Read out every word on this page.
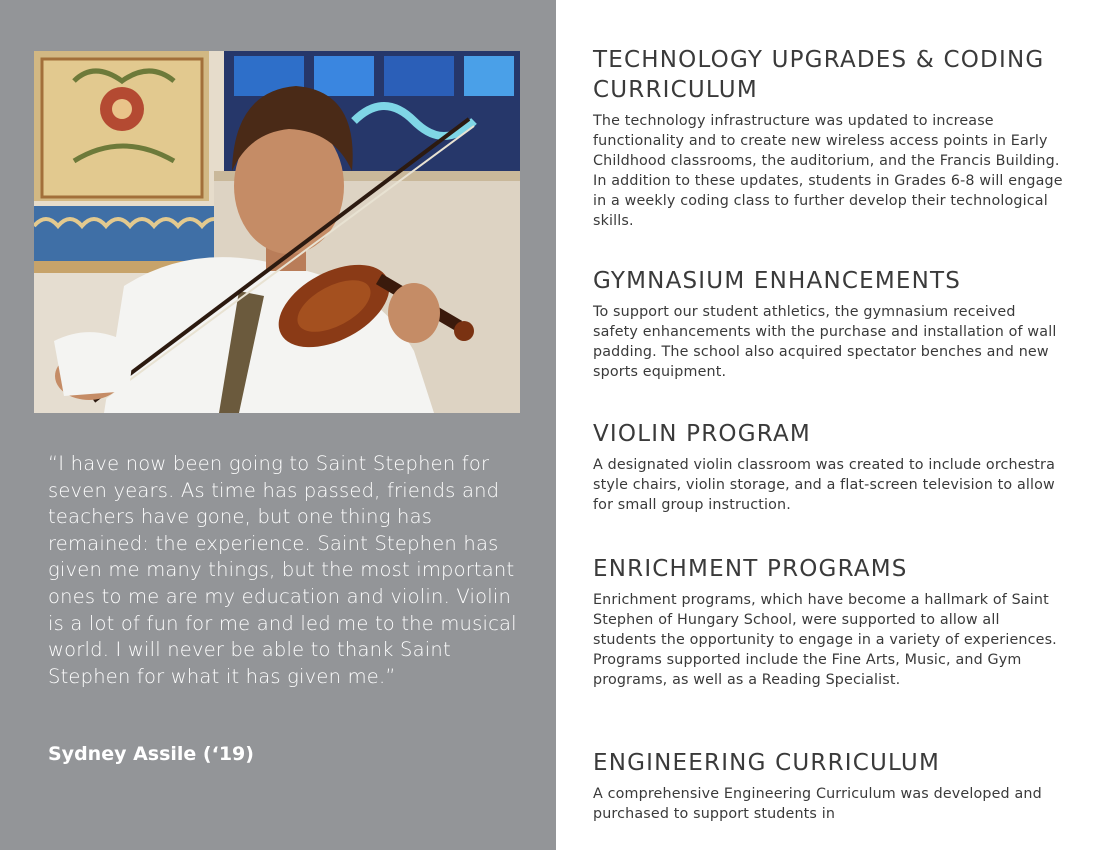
“I have now been going to Saint Stephen for seven years. As time has passed, friends and teachers have gone, but one thing has remained: the experience. Saint Stephen has given me many things, but the most important ones to me are my education and violin. Violin is a lot of fun for me and led me to the musical world. I will never be able to thank Saint Stephen for what it has given me.”

Sydney Assile (‘19)

TECHNOLOGY UPGRADES & CODING CURRICULUM

The technology infrastructure was updated to increase functionality and to create new wireless access points in Early Childhood classrooms, the auditorium, and the Francis Building. In addition to these updates, students in Grades 6-8 will engage in a weekly coding class to further develop their technological skills.

GYMNASIUM ENHANCEMENTS

To support our student athletics, the gymnasium received safety enhancements with the purchase and installation of wall padding. The school also acquired spectator benches and new sports equipment.

VIOLIN PROGRAM

A designated violin classroom was created to include orchestra style chairs, violin storage, and a flat-screen television to allow for small group instruction.

ENRICHMENT PROGRAMS

Enrichment programs, which have become a hallmark of Saint Stephen of Hungary School, were supported to allow all students the opportunity to engage in a variety of experiences. Programs supported include the Fine Arts, Music, and Gym programs, as well as a Reading Specialist.

ENGINEERING CURRICULUM

A comprehensive Engineering Curriculum was developed and purchased to support students in
